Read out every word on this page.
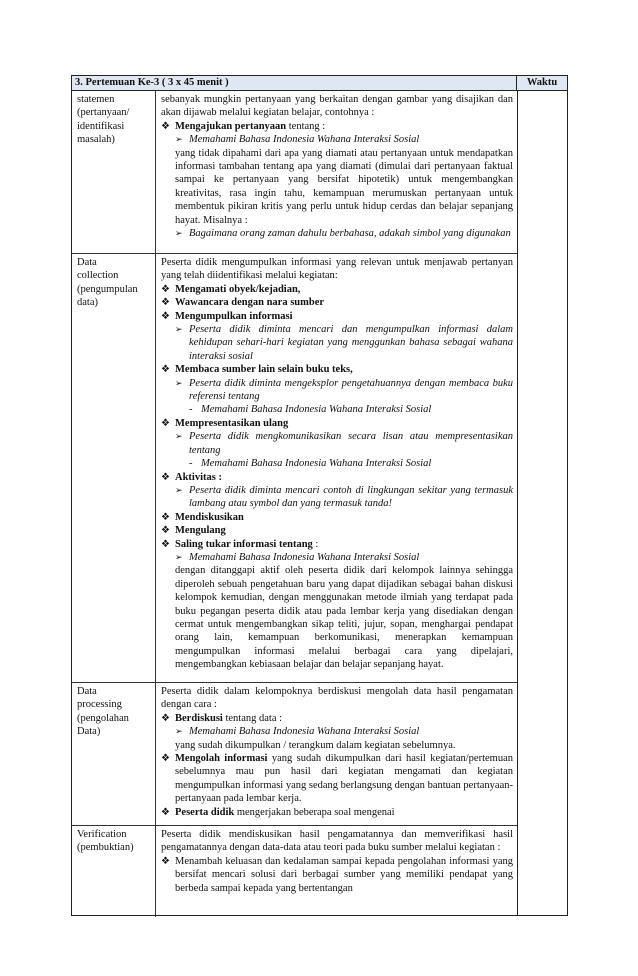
3. Pertemuan Ke-3 ( 3 x 45 menit )	Waktu
statemen
(pertanyaan/
identifikasi
masalah)
sebanyak mungkin pertanyaan yang berkaitan dengan gambar yang disajikan dan akan dijawab melalui kegiatan belajar, contohnya :
❖ Mengajukan pertanyaan tentang :
➢ Memahami Bahasa Indonesia Wahana Interaksi Sosial
yang tidak dipahami dari apa yang diamati atau pertanyaan untuk mendapatkan informasi tambahan tentang apa yang diamati (dimulai dari pertanyaan faktual sampai ke pertanyaan yang bersifat hipotetik) untuk mengembangkan kreativitas, rasa ingin tahu, kemampuan merumuskan pertanyaan untuk membentuk pikiran kritis yang perlu untuk hidup cerdas dan belajar sepanjang hayat. Misalnya :
➢ Bagaimana orang zaman dahulu berbahasa, adakah simbol yang digunakan
Data
collection
(pengumpulan
data)
Peserta didik mengumpulkan informasi yang relevan untuk menjawab pertanyan yang telah diidentifikasi melalui kegiatan:
❖ Mengamati obyek/kejadian,
❖ Wawancara dengan nara sumber
❖ Mengumpulkan informasi
➢ Peserta didik diminta mencari dan mengumpulkan informasi dalam kehidupan sehari-hari kegiatan yang menggunkan bahasa sebagai wahana interaksi sosial
❖ Membaca sumber lain selain buku teks,
➢ Peserta didik diminta mengeksplor pengetahuannya dengan membaca buku referensi tentang
- Memahami Bahasa Indonesia Wahana Interaksi Sosial
❖ Mempresentasikan ulang
➢ Peserta didik mengkomunikasikan secara lisan atau mempresentasikan tentang
- Memahami Bahasa Indonesia Wahana Interaksi Sosial
❖ Aktivitas :
➢ Peserta didik diminta mencari contoh di lingkungan sekitar yang termasuk lambang atau symbol dan yang termasuk tanda!
❖ Mendiskusikan
❖ Mengulang
❖ Saling tukar informasi tentang :
➢ Memahami Bahasa Indonesia Wahana Interaksi Sosial
dengan ditanggapi aktif oleh peserta didik dari kelompok lainnya sehingga diperoleh sebuah pengetahuan baru yang dapat dijadikan sebagai bahan diskusi kelompok kemudian, dengan menggunakan metode ilmiah yang terdapat pada buku pegangan peserta didik atau pada lembar kerja yang disediakan dengan cermat untuk mengembangkan sikap teliti, jujur, sopan, menghargai pendapat orang lain, kemampuan berkomunikasi, menerapkan kemampuan mengumpulkan informasi melalui berbagai cara yang dipelajari, mengembangkan kebiasaan belajar dan belajar sepanjang hayat.
Data
processing
(pengolahan
Data)
Peserta didik dalam kelompoknya berdiskusi mengolah data hasil pengamatan dengan cara :
❖ Berdiskusi tentang data :
➢ Memahami Bahasa Indonesia Wahana Interaksi Sosial
yang sudah dikumpulkan / terangkum dalam kegiatan sebelumnya.
❖ Mengolah informasi yang sudah dikumpulkan dari hasil kegiatan/pertemuan sebelumnya mau pun hasil dari kegiatan mengamati dan kegiatan mengumpulkan informasi yang sedang berlangsung dengan bantuan pertanyaan-pertanyaan pada lembar kerja.
❖ Peserta didik mengerjakan beberapa soal mengenai
Verification
(pembuktian)
Peserta didik mendiskusikan hasil pengamatannya dan memverifikasi hasil pengamatannya dengan data-data atau teori pada buku sumber melalui kegiatan :
❖ Menambah keluasan dan kedalaman sampai kepada pengolahan informasi yang bersifat mencari solusi dari berbagai sumber yang memiliki pendapat yang berbeda sampai kepada yang bertentangan
